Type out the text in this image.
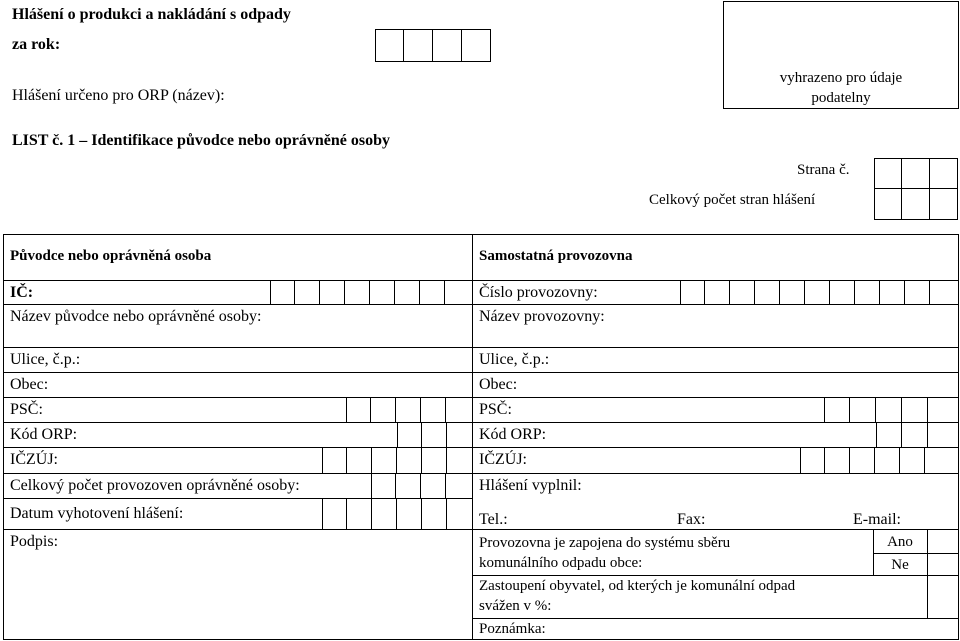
Hlášení o produkci a nakládání s odpady
za rok:
Hlášení určeno pro ORP (název):
vyhrazeno pro údaje
podatelny
LIST č. 1 – Identifikace původce nebo oprávněné osoby
Strana č.
Celkový počet stran hlášení
Původce nebo oprávněná osoba
IČ:
Název původce nebo oprávněné osoby:
Ulice, č.p.:
Obec:
PSČ:
Kód ORP:
IČZÚJ:
Celkový počet provozoven oprávněné osoby:
Datum vyhotovení hlášení:
Podpis:
Samostatná provozovna
Číslo provozovny:
Název provozovny:
Ulice, č.p.:
Obec:
PSČ:
Kód ORP:
IČZÚJ:
Hlášení vyplnil:
Tel.:	Fax:	E-mail:
Provozovna je zapojena do systému sběru
komunálního odpadu obce:
Ano
Ne
Zastoupení obyvatel, od kterých je komunální odpad
svážen v %:
Poznámka:
